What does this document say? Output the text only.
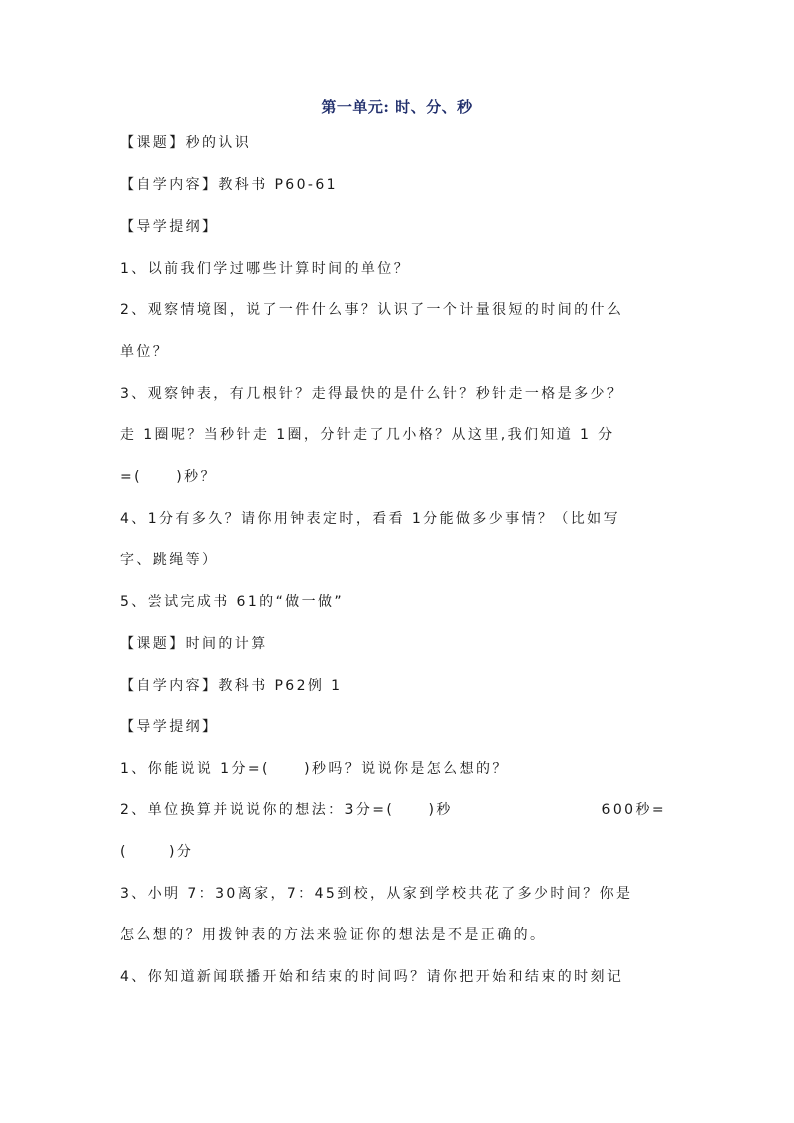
第一单元: 时、分、秒
【课题】秒的认识
【自学内容】教科书 P60-61
【导学提纲】
1、以前我们学过哪些计算时间的单位？
2、观察情境图，说了一件什么事？认识了一个计量很短的时间的什么
单位？
3、观察钟表，有几根针？走得最快的是什么针？秒针走一格是多少？
走 1圈呢？当秒针走 1圈，分针走了几小格？从这里,我们知道 1 分
=(     )秒？
4、1分有多久？请你用钟表定时，看看 1分能做多少事情？（比如写
字、跳绳等）
5、尝试完成书 61的“做一做”
【课题】时间的计算
【自学内容】教科书 P62例 1
【导学提纲】
1、你能说说 1分=(     )秒吗？说说你是怎么想的？
2、单位换算并说说你的想法：3分=(     )秒	600秒=
(      )分
3、小明 7：30离家，7：45到校，从家到学校共花了多少时间？你是
怎么想的？用拨钟表的方法来验证你的想法是不是正确的。
4、你知道新闻联播开始和结束的时间吗？请你把开始和结束的时刻记
